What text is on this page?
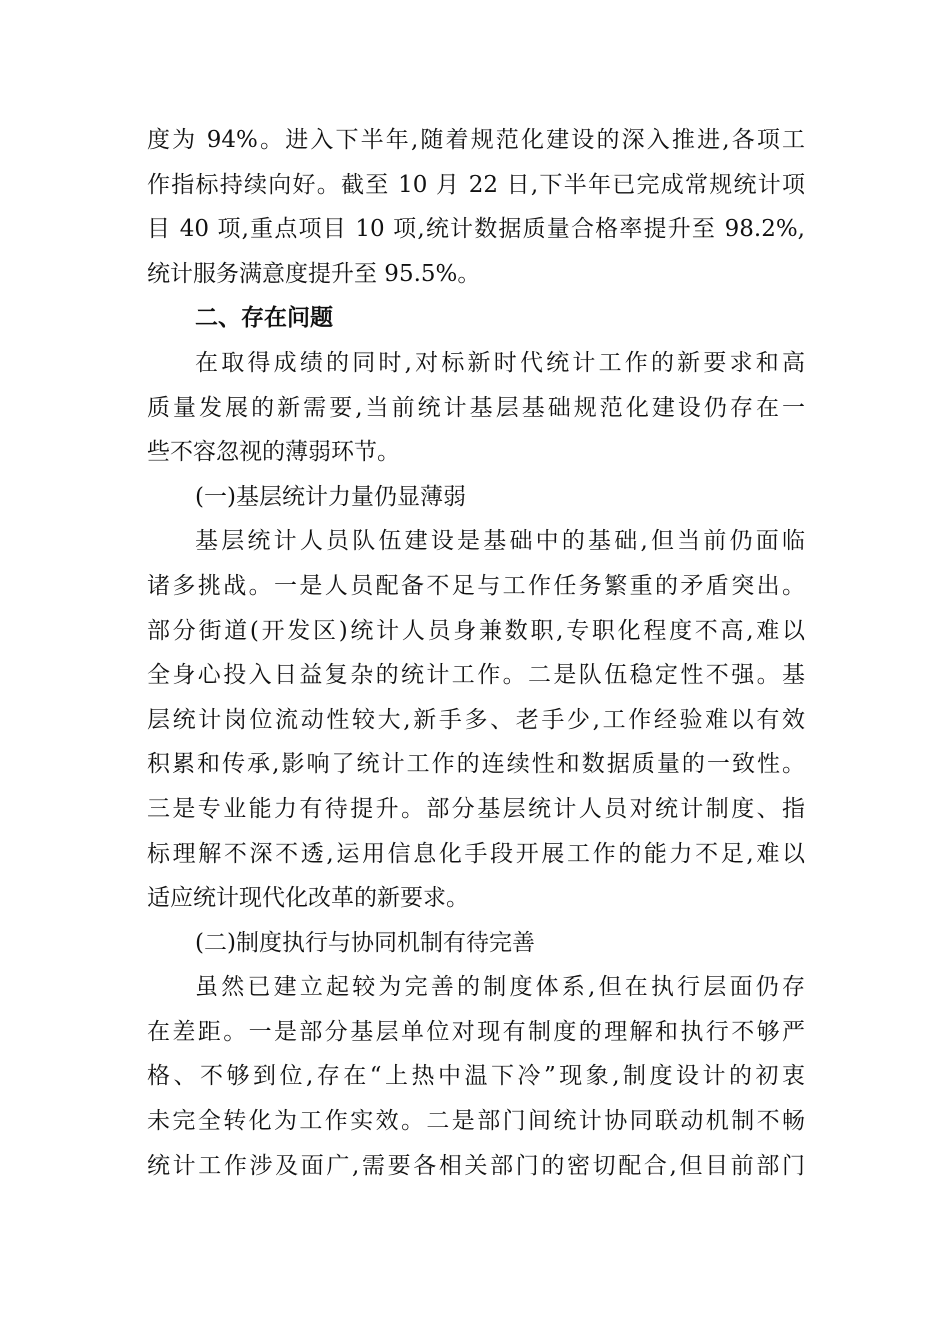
度为 94%。进入下半年,随着规范化建设的深入推进,各项工
作指标持续向好。截至 10 月 22 日,下半年已完成常规统计项
目 40 项,重点项目 10 项,统计数据质量合格率提升至 98.2%,
统计服务满意度提升至 95.5%。
二、存在问题
在取得成绩的同时,对标新时代统计工作的新要求和高
质量发展的新需要,当前统计基层基础规范化建设仍存在一
些不容忽视的薄弱环节。
(一)基层统计力量仍显薄弱
基层统计人员队伍建设是基础中的基础,但当前仍面临
诸多挑战。一是人员配备不足与工作任务繁重的矛盾突出。
部分街道(开发区)统计人员身兼数职,专职化程度不高,难以
全身心投入日益复杂的统计工作。二是队伍稳定性不强。基
层统计岗位流动性较大,新手多、老手少,工作经验难以有效
积累和传承,影响了统计工作的连续性和数据质量的一致性。
三是专业能力有待提升。部分基层统计人员对统计制度、指
标理解不深不透,运用信息化手段开展工作的能力不足,难以
适应统计现代化改革的新要求。
(二)制度执行与协同机制有待完善
虽然已建立起较为完善的制度体系,但在执行层面仍存
在差距。一是部分基层单位对现有制度的理解和执行不够严
格、不够到位,存在“上热中温下冷”现象,制度设计的初衷
未完全转化为工作实效。二是部门间统计协同联动机制不畅
统计工作涉及面广,需要各相关部门的密切配合,但目前部门
